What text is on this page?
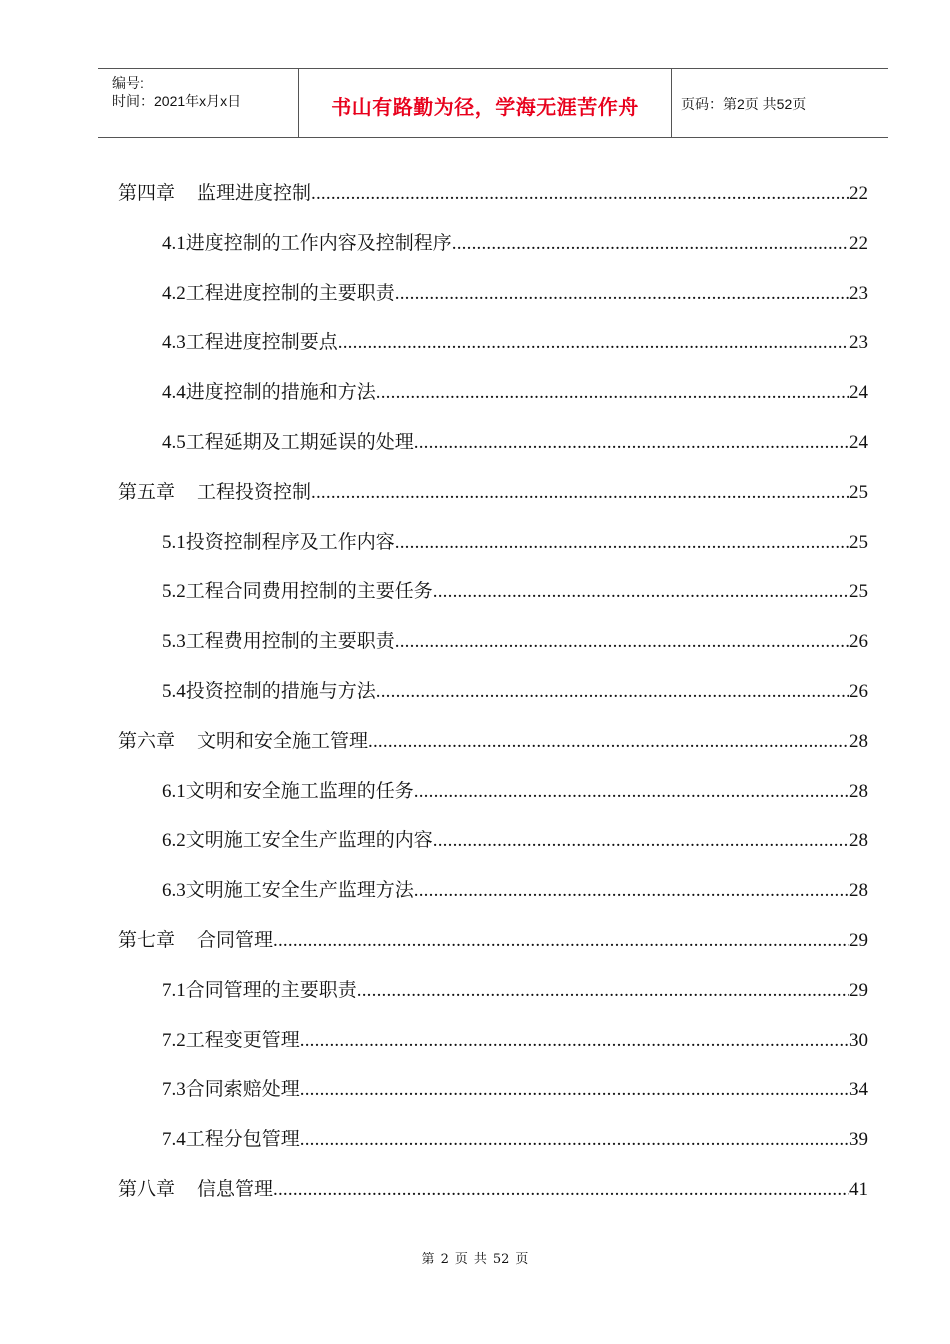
编号:
时间：2021年x月x日	书山有路勤为径，学海无涯苦作舟	页码：第2页 共52页
第四章 监理进度控制 .....	22
4.1进度控制的工作内容及控制程序 .....	22
4.2工程进度控制的主要职责 .....	23
4.3工程进度控制要点 .....	23
4.4进度控制的措施和方法 .....	24
4.5工程延期及工期延误的处理 .....	24
第五章 工程投资控制 .....	25
5.1投资控制程序及工作内容 .....	25
5.2工程合同费用控制的主要任务 .....	25
5.3工程费用控制的主要职责 .....	26
5.4投资控制的措施与方法 .....	26
第六章 文明和安全施工管理 .....	28
6.1文明和安全施工监理的任务 .....	28
6.2文明施工安全生产监理的内容 .....	28
6.3文明施工安全生产监理方法 .....	28
第七章 合同管理 .....	29
7.1合同管理的主要职责 .....	29
7.2工程变更管理 .....	30
7.3合同索赔处理 .....	34
7.4工程分包管理 .....	39
第八章 信息管理 .....	41
第 2 页 共 52 页
